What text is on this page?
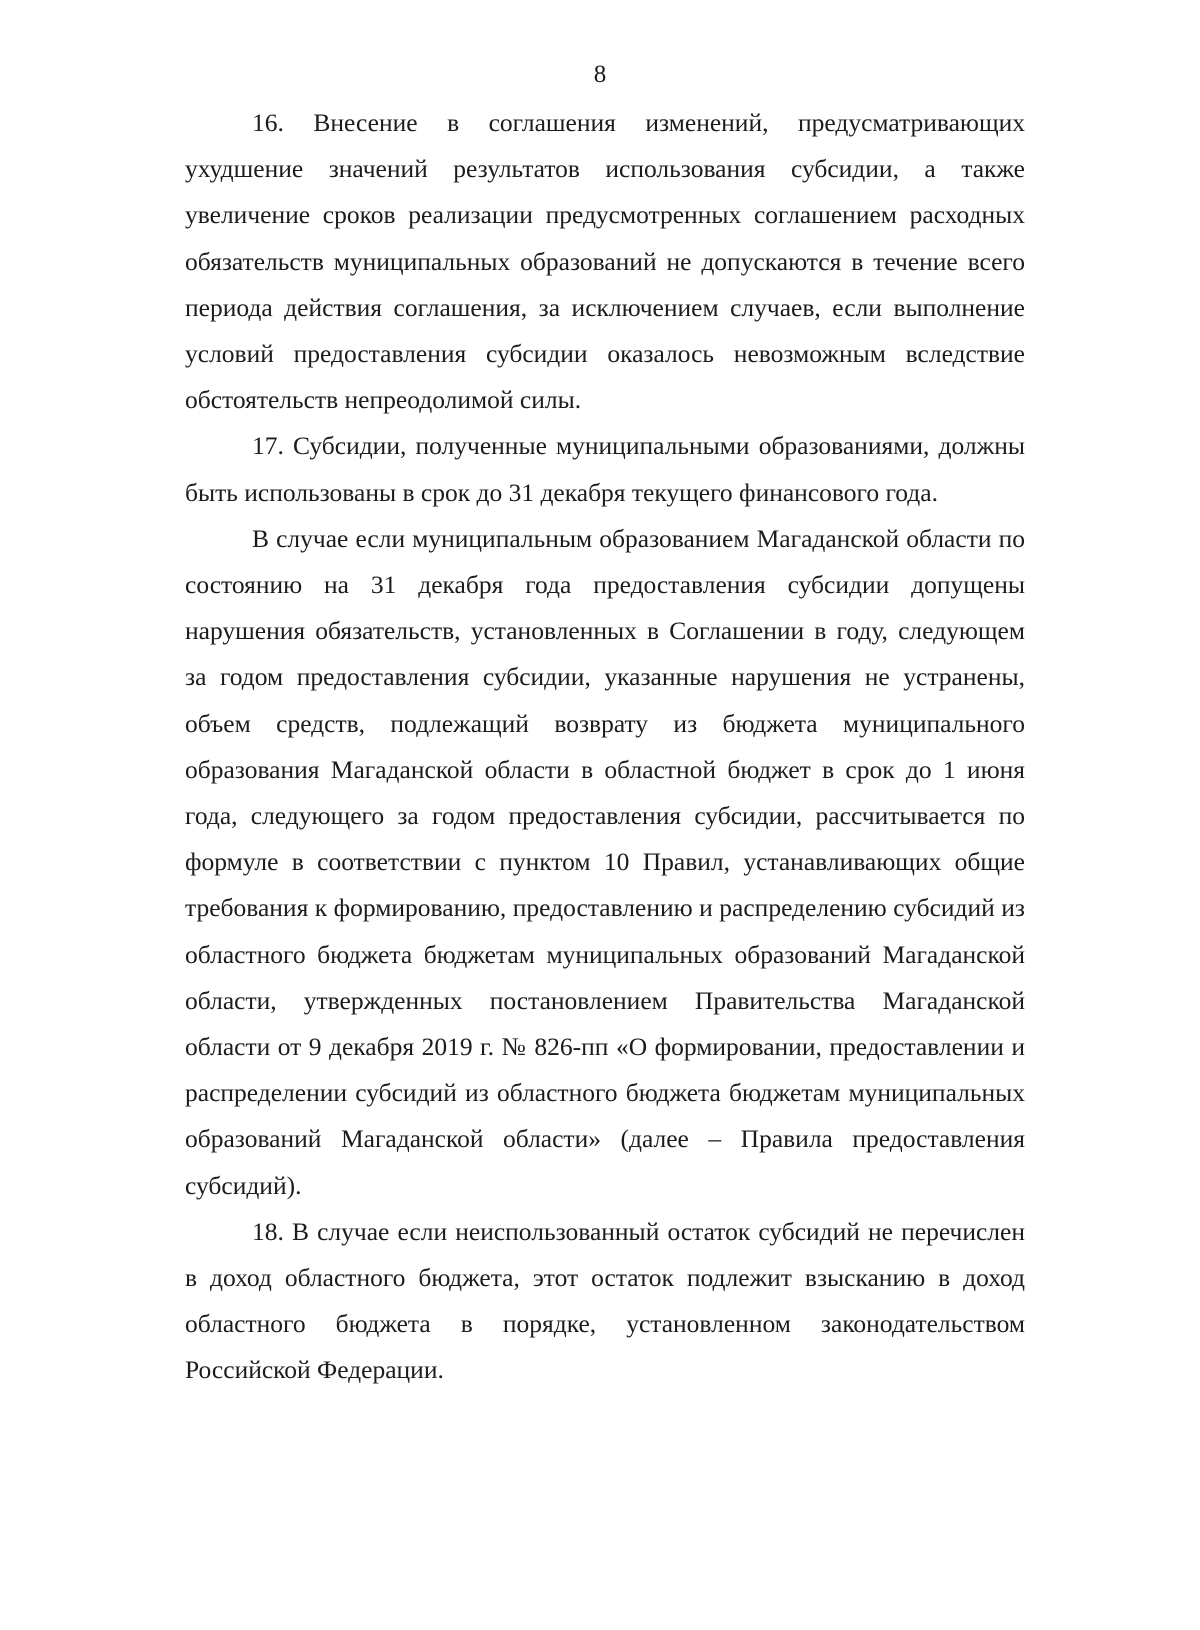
8

16. Внесение в соглашения изменений, предусматривающих ухудшение значений результатов использования субсидии, а также увеличение сроков реализации предусмотренных соглашением расходных обязательств муниципальных образований не допускаются в течение всего периода действия соглашения, за исключением случаев, если выполнение условий предоставления субсидии оказалось невозможным вследствие обстоятельств непреодолимой силы.

17. Субсидии, полученные муниципальными образованиями, должны быть использованы в срок до 31 декабря текущего финансового года.

В случае если муниципальным образованием Магаданской области по состоянию на 31 декабря года предоставления субсидии допущены нарушения обязательств, установленных в Соглашении в году, следующем за годом предоставления субсидии, указанные нарушения не устранены, объем средств, подлежащий возврату из бюджета муниципального образования Магаданской области в областной бюджет в срок до 1 июня года, следующего за годом предоставления субсидии, рассчитывается по формуле в соответствии с пунктом 10 Правил, устанавливающих общие требования к формированию, предоставлению и распределению субсидий из областного бюджета бюджетам муниципальных образований Магаданской области, утвержденных постановлением Правительства Магаданской области от 9 декабря 2019 г. № 826-пп «О формировании, предоставлении и распределении субсидий из областного бюджета бюджетам муниципальных образований Магаданской области» (далее – Правила предоставления субсидий).

18. В случае если неиспользованный остаток субсидий не перечислен в доход областного бюджета, этот остаток подлежит взысканию в доход областного бюджета в порядке, установленном законодательством Российской Федерации.
